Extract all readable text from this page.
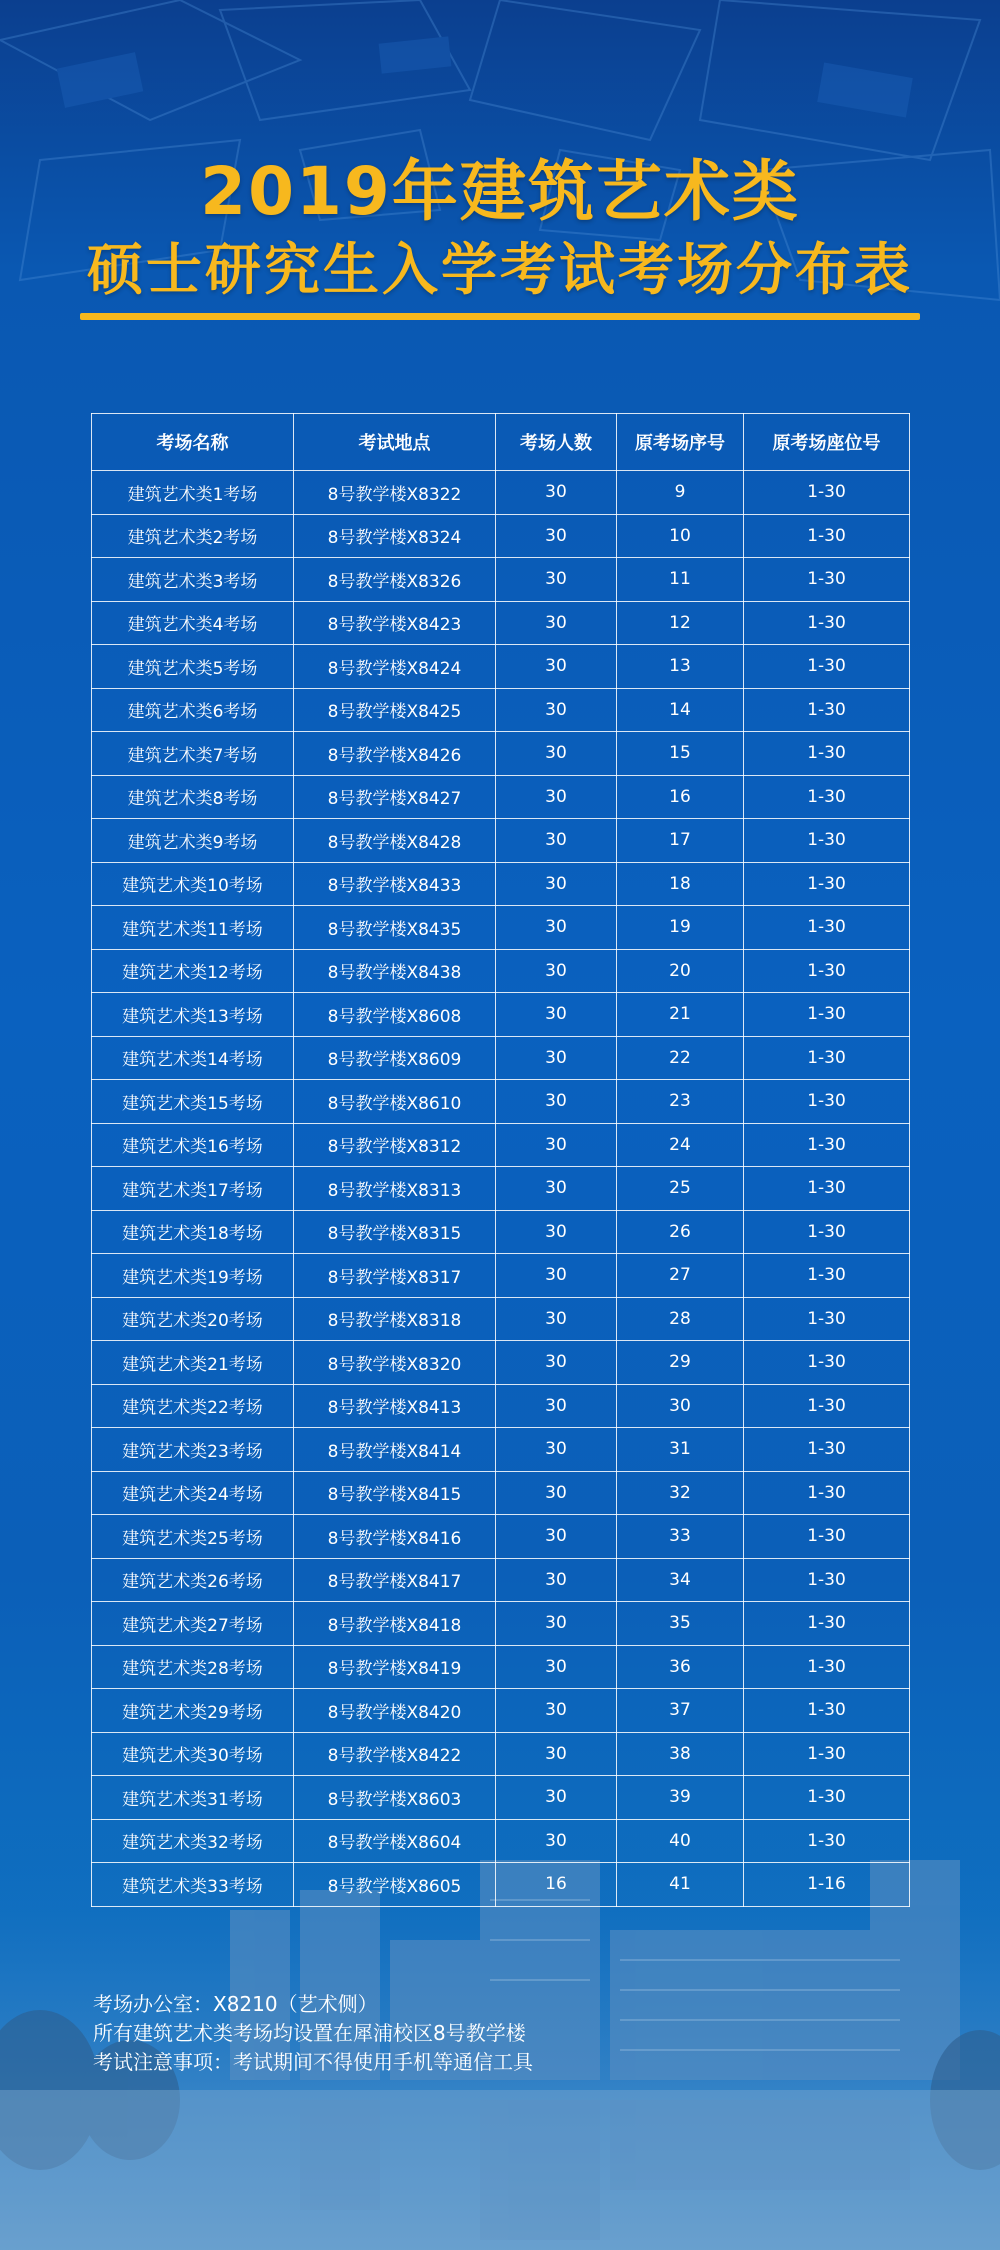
2019年建筑艺术类
硕士研究生入学考试考场分布表
考场名称	考试地点	考场人数	原考场序号	原考场座位号
建筑艺术类1考场	8号教学楼X8322	30	9	1-30
建筑艺术类2考场	8号教学楼X8324	30	10	1-30
建筑艺术类3考场	8号教学楼X8326	30	11	1-30
建筑艺术类4考场	8号教学楼X8423	30	12	1-30
建筑艺术类5考场	8号教学楼X8424	30	13	1-30
建筑艺术类6考场	8号教学楼X8425	30	14	1-30
建筑艺术类7考场	8号教学楼X8426	30	15	1-30
建筑艺术类8考场	8号教学楼X8427	30	16	1-30
建筑艺术类9考场	8号教学楼X8428	30	17	1-30
建筑艺术类10考场	8号教学楼X8433	30	18	1-30
建筑艺术类11考场	8号教学楼X8435	30	19	1-30
建筑艺术类12考场	8号教学楼X8438	30	20	1-30
建筑艺术类13考场	8号教学楼X8608	30	21	1-30
建筑艺术类14考场	8号教学楼X8609	30	22	1-30
建筑艺术类15考场	8号教学楼X8610	30	23	1-30
建筑艺术类16考场	8号教学楼X8312	30	24	1-30
建筑艺术类17考场	8号教学楼X8313	30	25	1-30
建筑艺术类18考场	8号教学楼X8315	30	26	1-30
建筑艺术类19考场	8号教学楼X8317	30	27	1-30
建筑艺术类20考场	8号教学楼X8318	30	28	1-30
建筑艺术类21考场	8号教学楼X8320	30	29	1-30
建筑艺术类22考场	8号教学楼X8413	30	30	1-30
建筑艺术类23考场	8号教学楼X8414	30	31	1-30
建筑艺术类24考场	8号教学楼X8415	30	32	1-30
建筑艺术类25考场	8号教学楼X8416	30	33	1-30
建筑艺术类26考场	8号教学楼X8417	30	34	1-30
建筑艺术类27考场	8号教学楼X8418	30	35	1-30
建筑艺术类28考场	8号教学楼X8419	30	36	1-30
建筑艺术类29考场	8号教学楼X8420	30	37	1-30
建筑艺术类30考场	8号教学楼X8422	30	38	1-30
建筑艺术类31考场	8号教学楼X8603	30	39	1-30
建筑艺术类32考场	8号教学楼X8604	30	40	1-30
建筑艺术类33考场	8号教学楼X8605	16	41	1-16
考场办公室：X8210（艺术侧）
所有建筑艺术类考场均设置在犀浦校区8号教学楼
考试注意事项：考试期间不得使用手机等通信工具
